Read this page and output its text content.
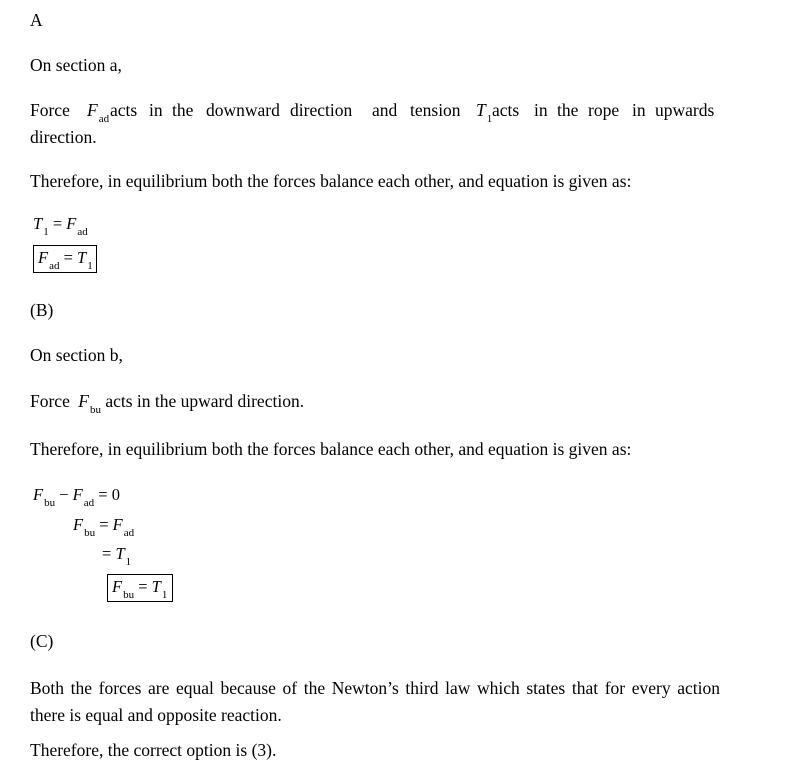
A
On section a,
Force $F_{ad}$ acts in the downward direction and tension $T_1$ acts in the rope in upwards
direction.
Therefore, in equilibrium both the forces balance each other, and equation is given as:
$T_1 = F_{ad}$
$F_{ad} = T_1$
(B)
On section b,
Force $F_{bu}$ acts in the upward direction.
Therefore, in equilibrium both the forces balance each other, and equation is given as:
$F_{bu} - F_{ad} = 0$
$F_{bu} = F_{ad}$
= $T_1$
$F_{bu} = T_1$
(C)
Both the forces are equal because of the Newton’s third law which states that for every action there is equal and opposite reaction.
Therefore, the correct option is (3).
